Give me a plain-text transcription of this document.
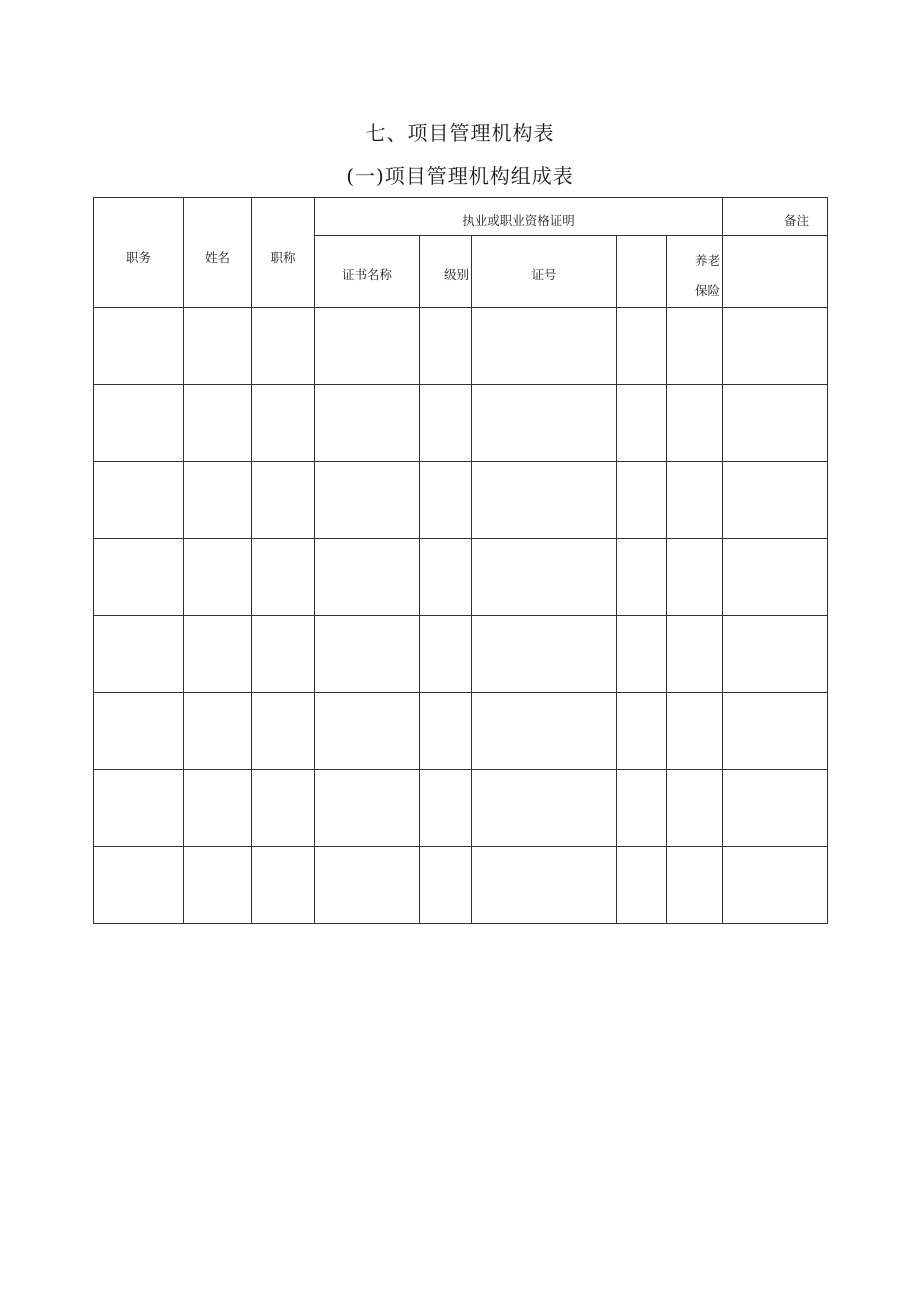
七、项目管理机构表
(一)项目管理机构组成表
职务	姓名	职称	执业或职业资格证明					备注

			证书名称	级别	证号		养老
保险	
